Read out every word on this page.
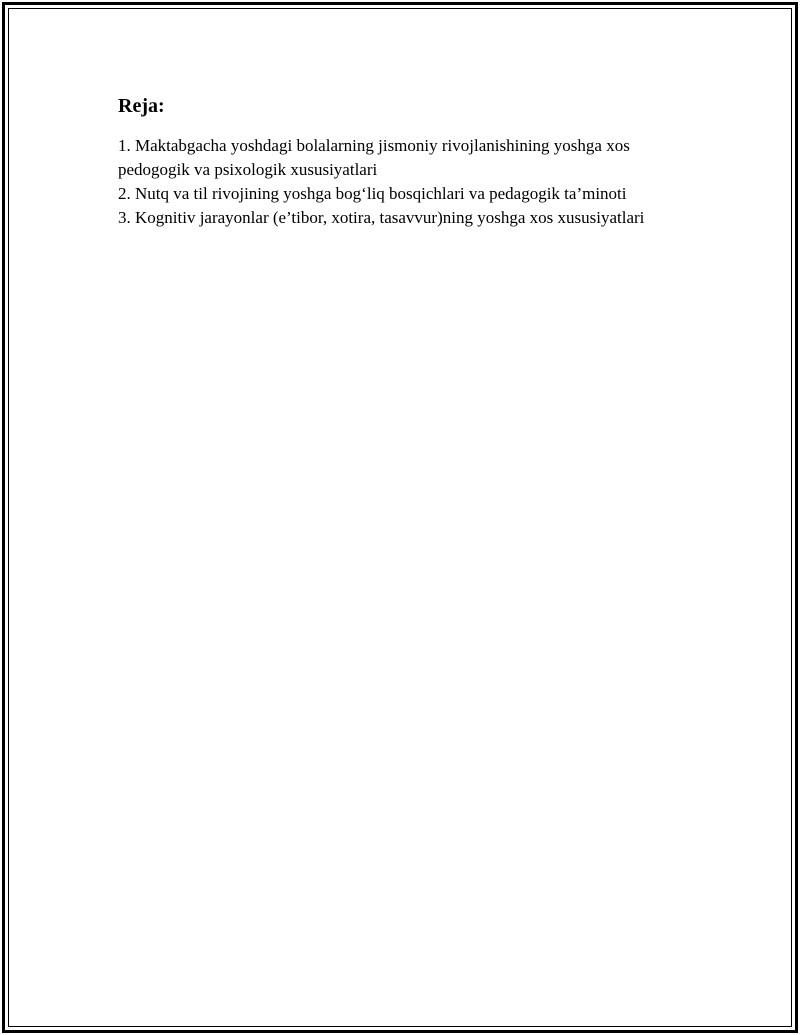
Reja:
1. Maktabgacha yoshdagi bolalarning jismoniy rivojlanishining yoshga xos pedogogik va psixologik xususiyatlari
2. Nutq va til rivojining yoshga bog‘liq bosqichlari va pedagogik ta’minoti
3. Kognitiv jarayonlar (e’tibor, xotira, tasavvur)ning yoshga xos xususiyatlari
